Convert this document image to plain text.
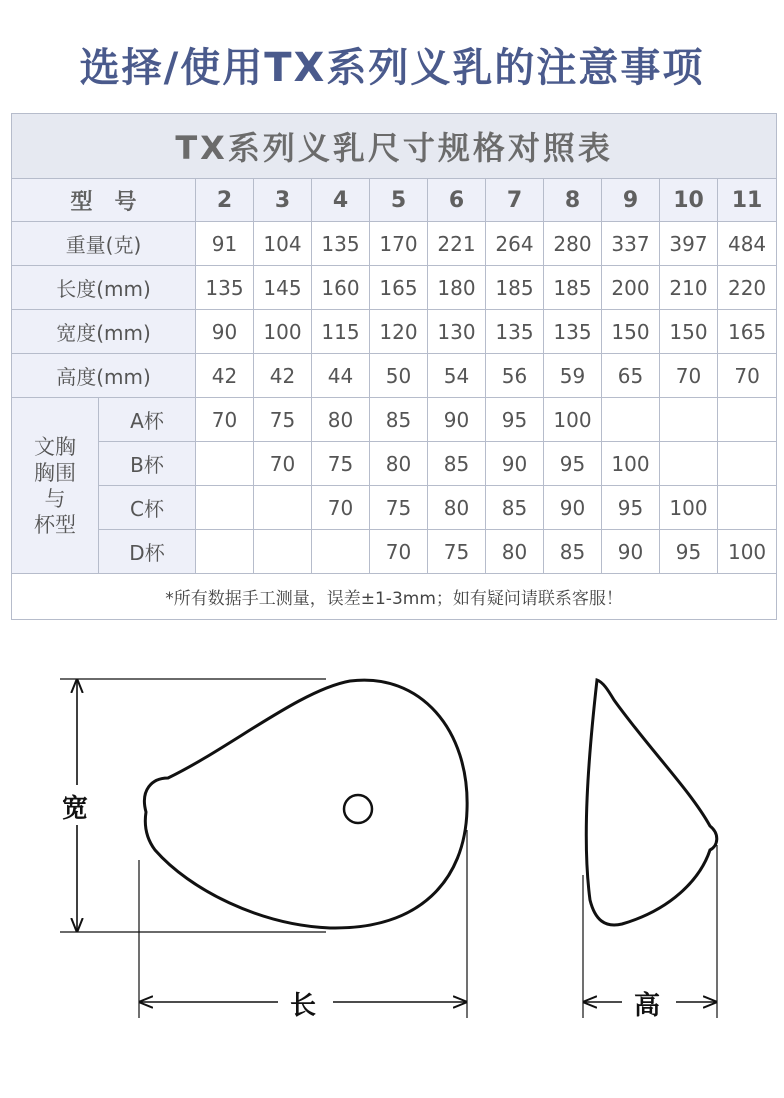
选择/使用TX系列义乳的注意事项
TX系列义乳尺寸规格对照表											
型　号		2	3	4	5	6	7	8	9	10	11
重量(克)		91	104	135	170	221	264	280	337	397	484
长度(mm)		135	145	160	165	180	185	185	200	210	220
宽度(mm)		90	100	115	120	130	135	135	150	150	165
高度(mm)		42	42	44	50	54	56	59	65	70	70

文胸
胸围
与
杯型	A杯	70	75	80	85	90	95	100			
	B杯		70	75	80	85	90	95	100		
	C杯			70	75	80	85	90	95	100	
	D杯				70	75	80	85	90	95	100
*所有数据手工测量，误差±1-3mm；如有疑问请联系客服！											
宽
长	高
